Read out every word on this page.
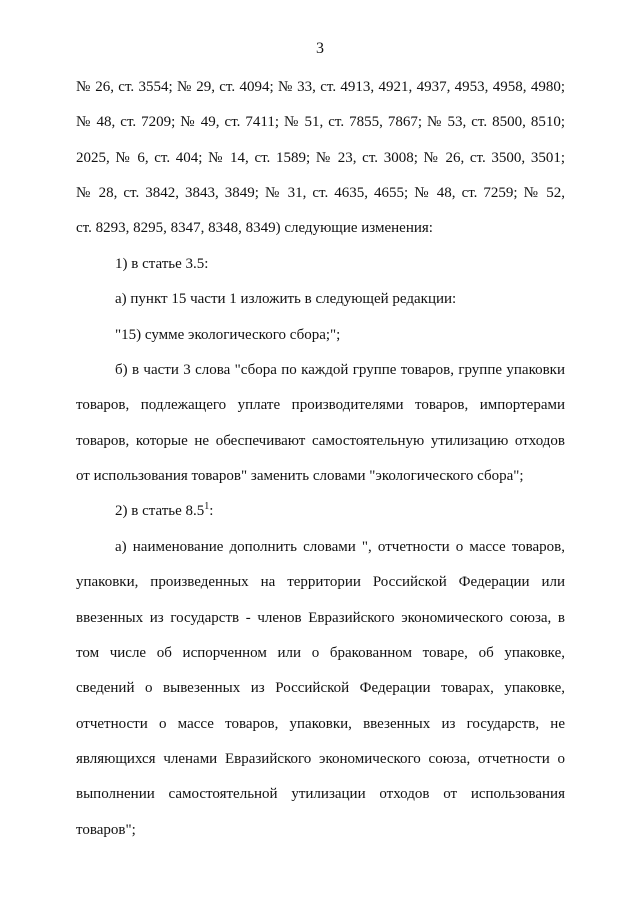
3
№ 26, ст. 3554; № 29, ст. 4094; № 33, ст. 4913, 4921, 4937, 4953, 4958, 4980;
№ 48, ст. 7209; № 49, ст. 7411; № 51, ст. 7855, 7867; № 53, ст. 8500, 8510;
2025, № 6, ст. 404; № 14, ст. 1589; № 23, ст. 3008; № 26, ст. 3500, 3501;
№ 28, ст. 3842, 3843, 3849; № 31, ст. 4635, 4655; № 48, ст. 7259; № 52,
ст. 8293, 8295, 8347, 8348, 8349) следующие изменения:
1) в статье 3.5:
а) пункт 15 части 1 изложить в следующей редакции:
"15) сумме экологического сбора;";
б) в части 3 слова "сбора по каждой группе товаров, группе упаковки
товаров, подлежащего уплате производителями товаров, импортерами
товаров, которые не обеспечивают самостоятельную утилизацию отходов
от использования товаров" заменить словами "экологического сбора";
2) в статье $8.5^1$:
а) наименование дополнить словами ", отчетности о массе товаров,
упаковки, произведенных на территории Российской Федерации или
ввезенных из государств - членов Евразийского экономического союза, в
том числе об испорченном или о бракованном товаре, об упаковке,
сведений о вывезенных из Российской Федерации товарах, упаковке,
отчетности о массе товаров, упаковки, ввезенных из государств, не
являющихся членами Евразийского экономического союза, отчетности о
выполнении самостоятельной утилизации отходов от использования
товаров";
